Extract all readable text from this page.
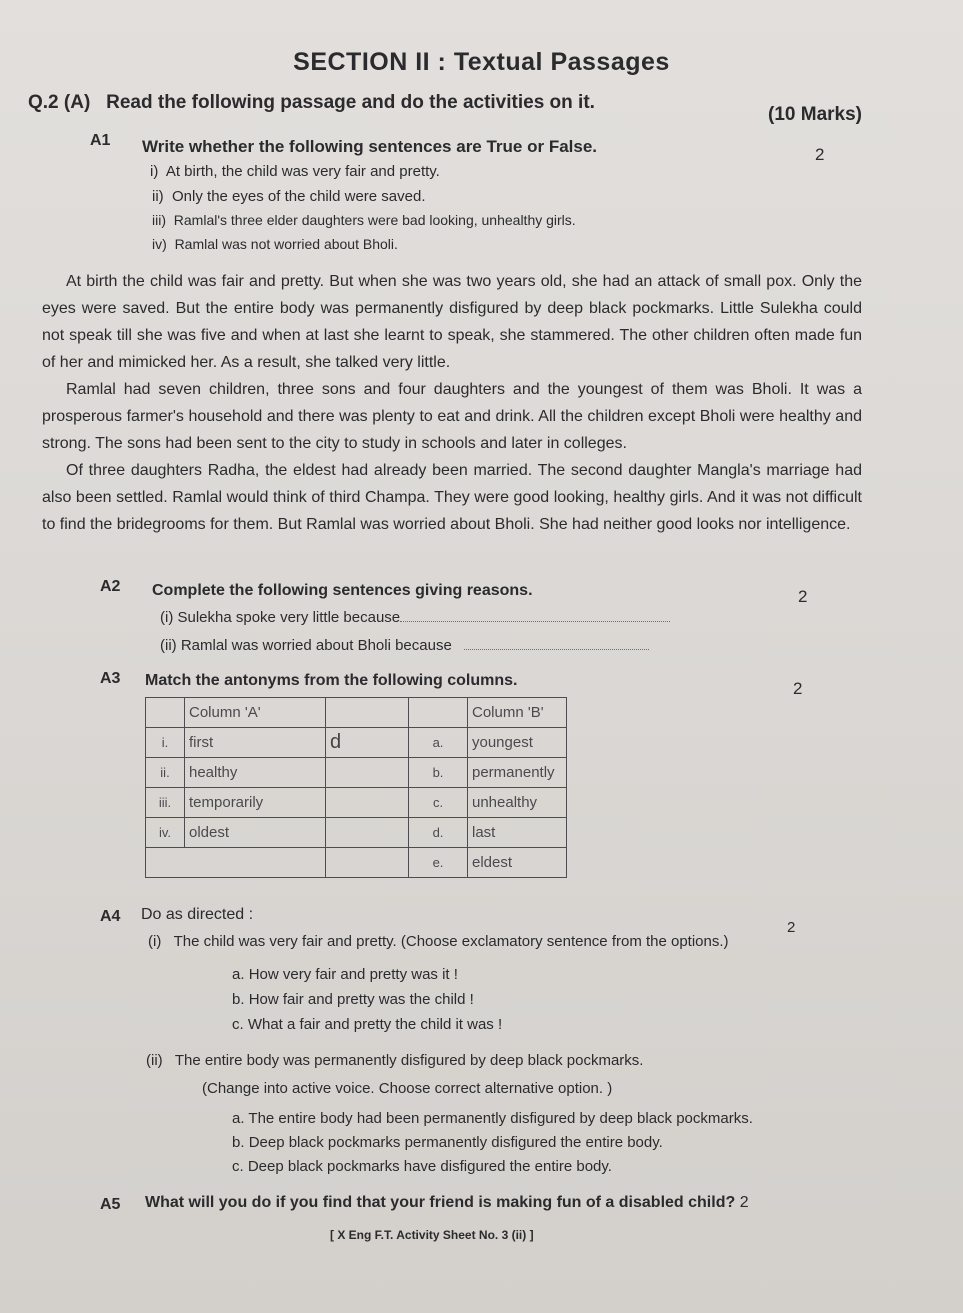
SECTION II : Textual Passages
Q.2 (A) Read the following passage and do the activities on it.
(10 Marks)
A1 Write whether the following sentences are True or False.	2
i) At birth, the child was very fair and pretty.
ii) Only the eyes of the child were saved.
iii) Ramlal's three elder daughters were bad looking, unhealthy girls.
iv) Ramlal was not worried about Bholi.

At birth the child was fair and pretty. But when she was two years old, she had an attack of small pox. Only the eyes were saved. But the entire body was permanently disfigured by deep black pockmarks. Little Sulekha could not speak till she was five and when at last she learnt to speak, she stammered. The other children often made fun of her and mimicked her. As a result, she talked very little.

Ramlal had seven children, three sons and four daughters and the youngest of them was Bholi. It was a prosperous farmer's household and there was plenty to eat and drink. All the children except Bholi were healthy and strong. The sons had been sent to the city to study in schools and later in colleges.

Of three daughters Radha, the eldest had already been married. The second daughter Mangla's marriage had also been settled. Ramlal would think of third Champa. They were good looking, healthy girls. And it was not difficult to find the bridegrooms for them. But Ramlal was worried about Bholi. She had neither good looks nor intelligence.

A2 Complete the following sentences giving reasons.	2
(i) Sulekha spoke very little because
(ii) Ramlal was worried about Bholi because
A3 Match the antonyms from the following columns.	2
	Column 'A'			Column 'B'
i.	first	d	a.	youngest
ii.	healthy		b.	permanently
iii.	temporarily		c.	unhealthy
iv.	oldest		d.	last
			e.	eldest
A4 Do as directed :
2
(i) The child was very fair and pretty. (Choose exclamatory sentence from the options.)
a. How very fair and pretty was it !
b. How fair and pretty was the child !
c. What a fair and pretty the child it was !
(ii) The entire body was permanently disfigured by deep black pockmarks.
(Change into active voice. Choose correct alternative option. )
a. The entire body had been permanently disfigured by deep black pockmarks.
b. Deep black pockmarks permanently disfigured the entire body.
c. Deep black pockmarks have disfigured the entire body.
A5 What will you do if you find that your friend is making fun of a disabled child? 2
[ X Eng F.T. Activity Sheet No. 3 (ii) ]
